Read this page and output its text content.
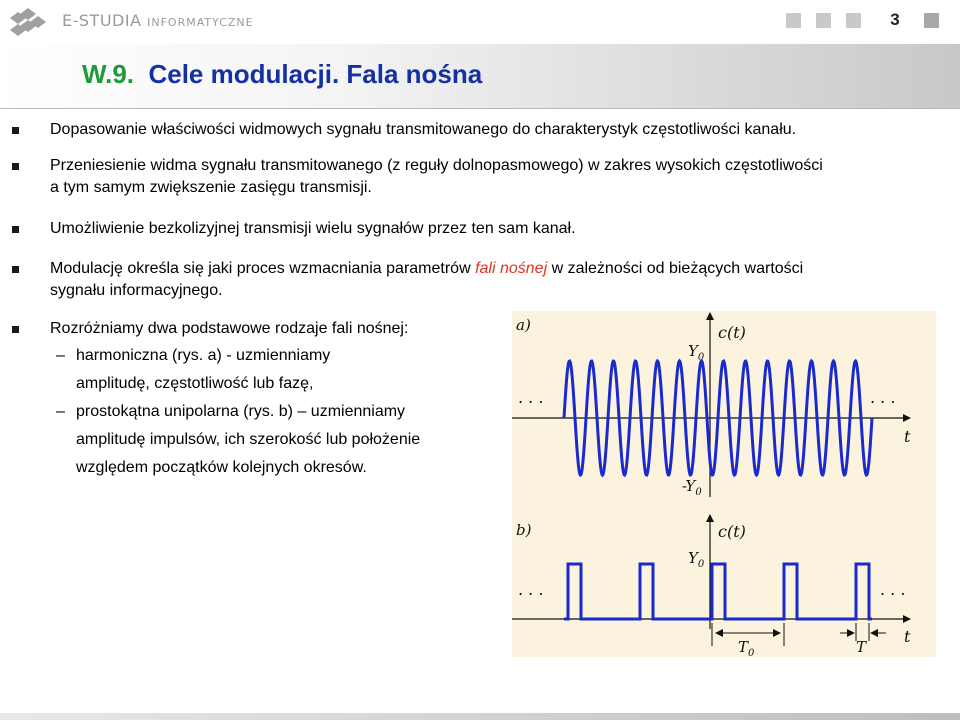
E-STUDIA INFORMATYCZNE	3
W.9. Cele modulacji. Fala nośna
Dopasowanie właściwości widmowych sygnału transmitowanego do charakterystyk częstotliwości kanału.
Przeniesienie widma sygnału transmitowanego (z reguły dolnopasmowego) w zakres wysokich częstotliwości
a tym samym zwiększenie zasięgu transmisji.
Umożliwienie bezkolizyjnej transmisji wielu sygnałów przez ten sam kanał.
Modulację określa się jaki proces wzmacniania parametrów fali nośnej w zależności od bieżących wartości
sygnału informacyjnego.
Rozróżniamy dwa podstawowe rodzaje fali nośnej:
– harmoniczna (rys. a) - uzmienniamy
amplitudę, częstotliwość lub fazę,
– prostokątna unipolarna (rys. b) – uzmienniamy
amplitudę impulsów, ich szerokość lub położenie
względem początków kolejnych okresów.
a)	c(t)
$Y_0$
$-Y_0$
t
. . .	. . .
b)	c(t)
$Y_0$
t
. . .	. . .
$T_0$	T
